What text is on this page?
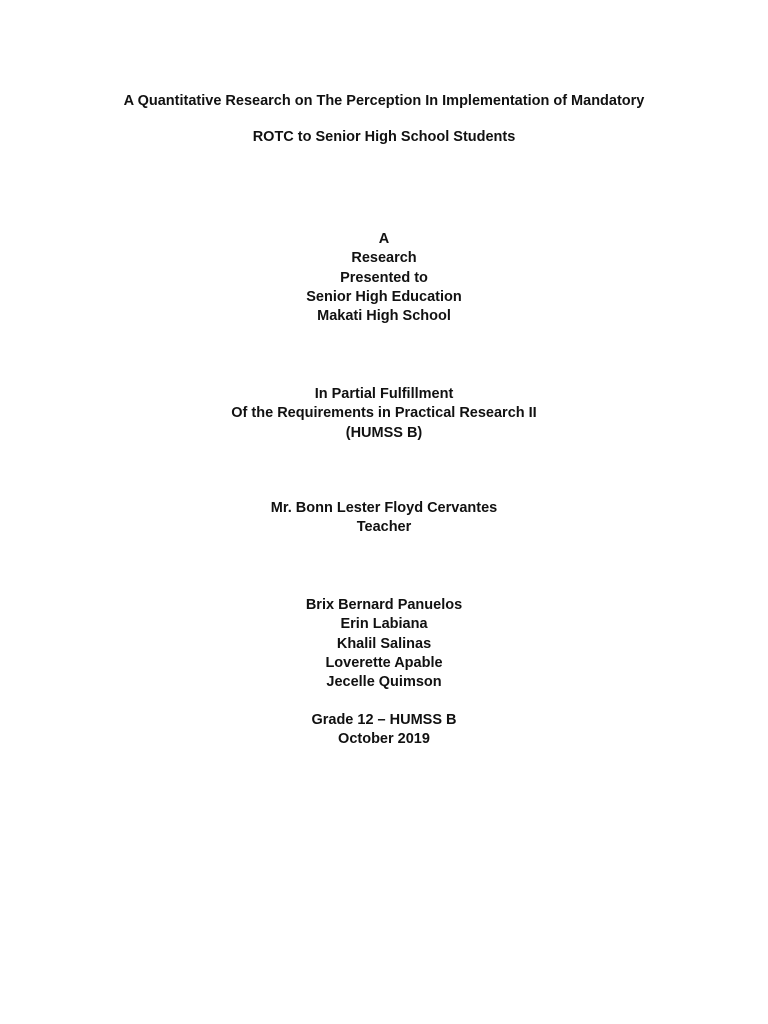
A Quantitative Research on The Perception In Implementation of Mandatory
ROTC to Senior High School Students
A
Research
Presented to
Senior High Education
Makati High School
In Partial Fulfillment
Of the Requirements in Practical Research II
(HUMSS B)
Mr. Bonn Lester Floyd Cervantes
Teacher
Brix Bernard Panuelos
Erin Labiana
Khalil Salinas
Loverette Apable
Jecelle Quimson
Grade 12 – HUMSS B
October 2019
